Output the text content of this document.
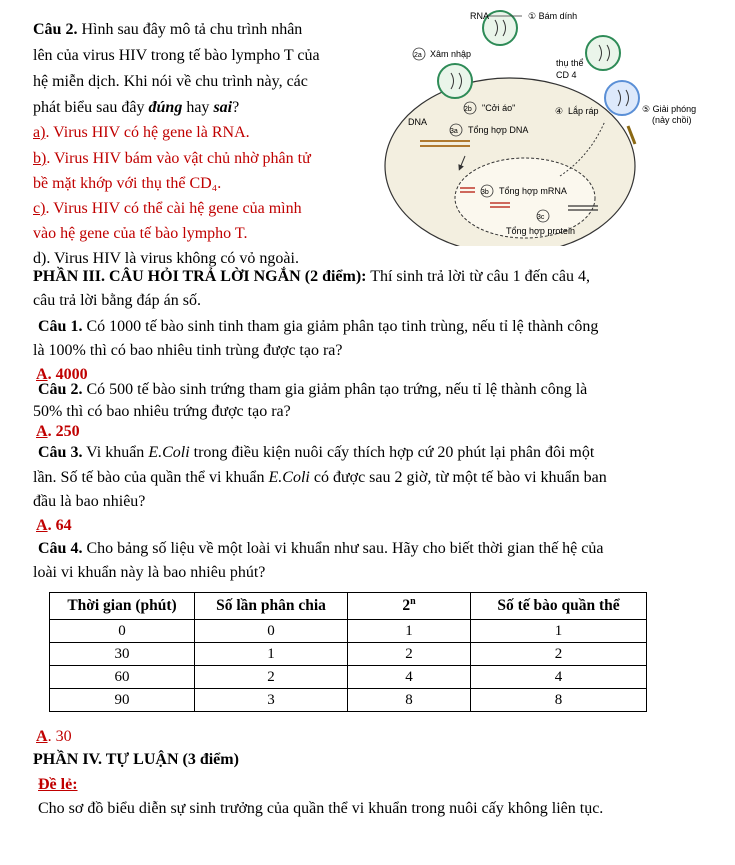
Câu 2. Hình sau đây mô tả chu trình nhân
lên của virus HIV trong tế bào lympho T của
hệ miễn dịch. Khi nói về chu trình này, các
phát biểu sau đây đúng hay sai?
a). Virus HIV có hệ gene là RNA.
b). Virus HIV bám vào vật chủ nhờ phân tử
bề mặt khớp với thụ thể CD₄.
c). Virus HIV có thể cài hệ gene của mình
vào hệ gene của tế bào lympho T.
d). Virus HIV là virus không có vỏ ngoài.
RNA	① Bám dính
2a Xâm nhập
thụ thể
CD 4
2b "Cởi áo"	④ Lắp ráp	⑤ Giải phóng
(nảy chồi)
DNA
3a Tổng hợp DNA
3b Tổng hợp mRNA
3c
Tổng hợp protein
PHẦN III. CÂU HỎI TRẢ LỜI NGẮN (2 điểm): Thí sinh trả lời từ câu 1 đến câu 4,
câu trả lời bằng đáp án số.
Câu 1. Có 1000 tế bào sinh tinh tham gia giảm phân tạo tinh trùng, nếu tỉ lệ thành công
là 100% thì có bao nhiêu tinh trùng được tạo ra?
A. 4000
Câu 2. Có 500 tế bào sinh trứng tham gia giảm phân tạo trứng, nếu tỉ lệ thành công là
50% thì có bao nhiêu trứng được tạo ra?
A. 250
Câu 3. Vi khuẩn E.Coli trong điều kiện nuôi cấy thích hợp cứ 20 phút lại phân đôi một
lần. Số tế bào của quần thể vi khuẩn E.Coli có được sau 2 giờ, từ một tế bào vi khuẩn ban
đầu là bao nhiêu?
A. 64
Câu 4. Cho bảng số liệu về một loài vi khuẩn như sau. Hãy cho biết thời gian thế hệ của
loài vi khuẩn này là bao nhiêu phút?
Thời gian (phút)	Số lần phân chia	2$^n$	Số tế bào quần thể
0	0	1	1
30	1	2	2
60	2	4	4
90	3	8	8
A. 30
PHẦN IV. TỰ LUẬN (3 điểm)
Đề lẻ:
Cho sơ đồ biểu diễn sự sinh trưởng của quần thể vi khuẩn trong nuôi cấy không liên tục.
